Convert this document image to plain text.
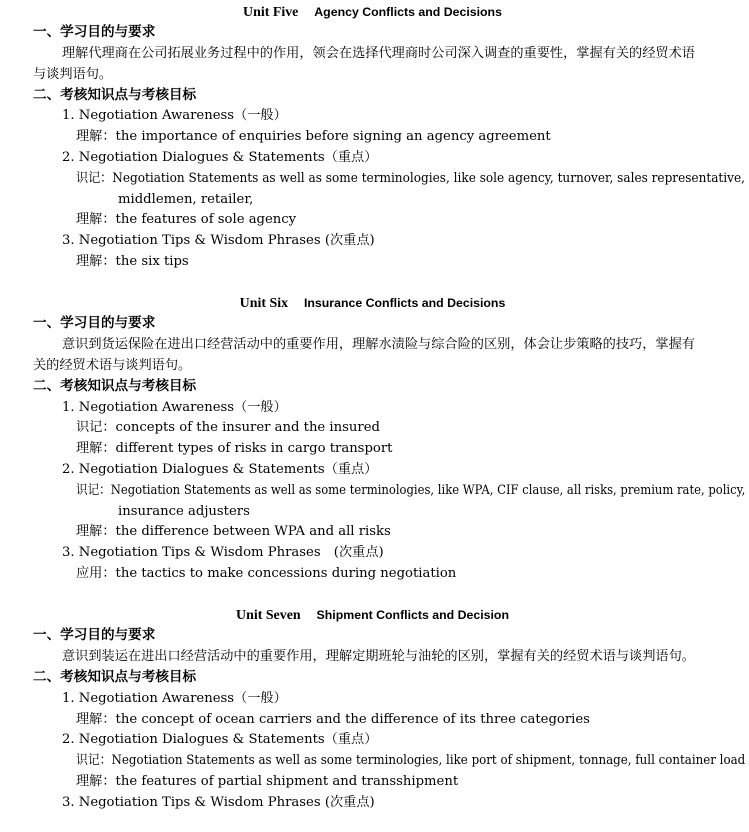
Unit Five Agency Conflicts and Decisions
一、学习目的与要求
理解代理商在公司拓展业务过程中的作用，领会在选择代理商时公司深入调查的重要性，掌握有关的经贸术语
与谈判语句。
二、考核知识点与考核目标
1. Negotiation Awareness（一般）
理解：the importance of enquiries before signing an agency agreement
2. Negotiation Dialogues & Statements（重点）
识记：Negotiation Statements as well as some terminologies, like sole agency, turnover, sales representative,
middlemen, retailer,
理解：the features of sole agency
3. Negotiation Tips & Wisdom Phrases (次重点)
理解：the six tips
Unit Six Insurance Conflicts and Decisions
一、学习目的与要求
意识到货运保险在进出口经营活动中的重要作用，理解水渍险与综合险的区别，体会让步策略的技巧，掌握有
关的经贸术语与谈判语句。
二、考核知识点与考核目标
1. Negotiation Awareness（一般）
识记：concepts of the insurer and the insured
理解：different types of risks in cargo transport
2. Negotiation Dialogues & Statements（重点）
识记：Negotiation Statements as well as some terminologies, like WPA, CIF clause, all risks, premium rate, policy,
insurance adjusters
理解：the difference between WPA and all risks
3. Negotiation Tips & Wisdom Phrases　(次重点)
应用：the tactics to make concessions during negotiation
Unit Seven Shipment Conflicts and Decision
一、学习目的与要求
意识到装运在进出口经营活动中的重要作用，理解定期班轮与油轮的区别，掌握有关的经贸术语与谈判语句。
二、考核知识点与考核目标
1. Negotiation Awareness（一般）
理解：the concept of ocean carriers and the difference of its three categories
2. Negotiation Dialogues & Statements（重点）
识记：Negotiation Statements as well as some terminologies, like port of shipment, tonnage, full container load
理解：the features of partial shipment and transshipment
3. Negotiation Tips & Wisdom Phrases (次重点)
